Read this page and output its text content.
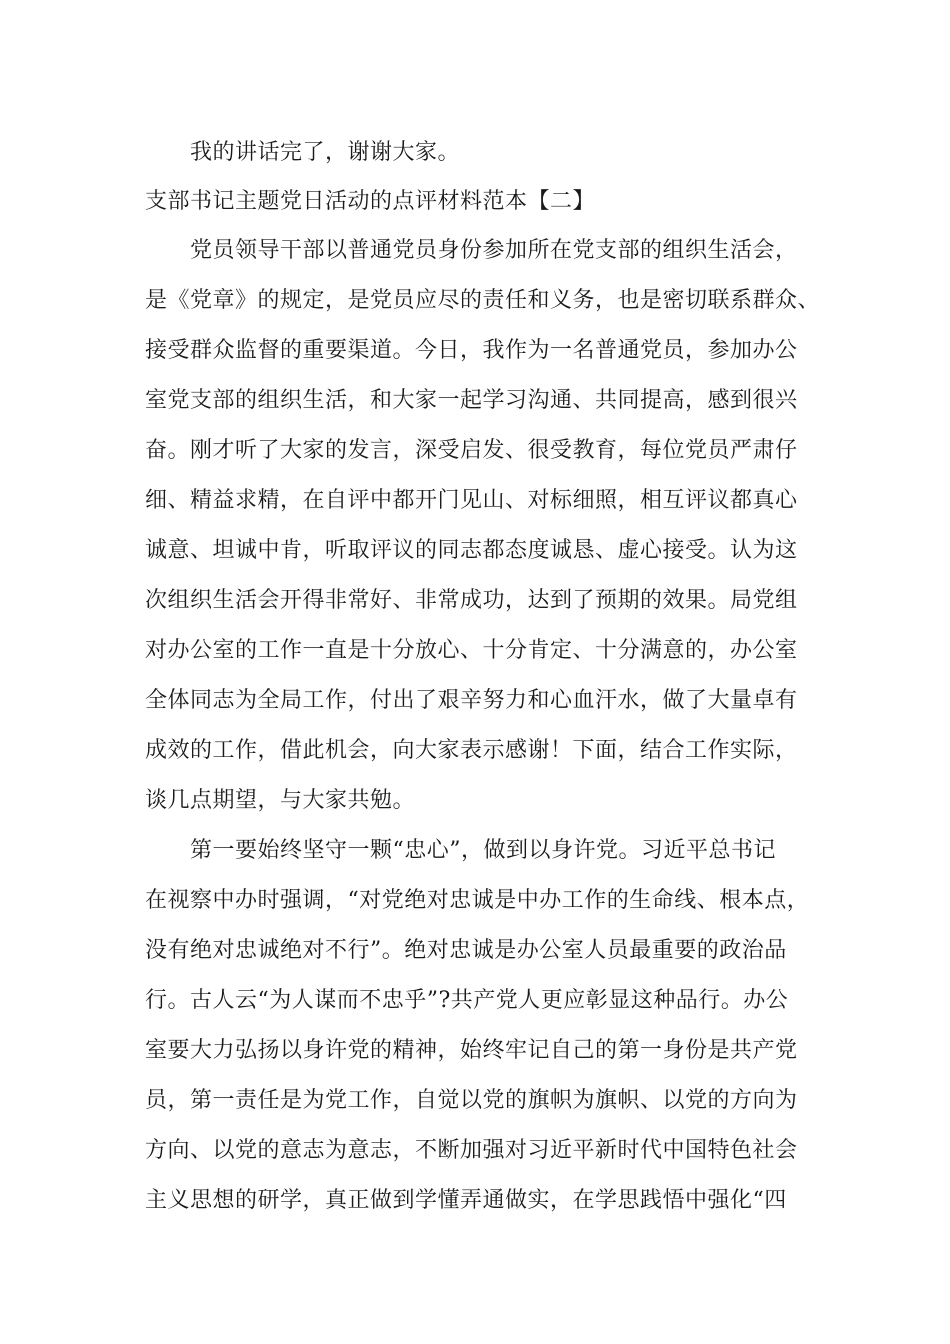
我的讲话完了，谢谢大家。
支部书记主题党日活动的点评材料范本【二】
党员领导干部以普通党员身份参加所在党支部的组织生活会，
是《党章》的规定，是党员应尽的责任和义务，也是密切联系群众、
接受群众监督的重要渠道。今日，我作为一名普通党员，参加办公
室党支部的组织生活，和大家一起学习沟通、共同提高，感到很兴
奋。刚才听了大家的发言，深受启发、很受教育，每位党员严肃仔
细、精益求精，在自评中都开门见山、对标细照，相互评议都真心
诚意、坦诚中肯，听取评议的同志都态度诚恳、虚心接受。认为这
次组织生活会开得非常好、非常成功，达到了预期的效果。局党组
对办公室的工作一直是十分放心、十分肯定、十分满意的，办公室
全体同志为全局工作，付出了艰辛努力和心血汗水，做了大量卓有
成效的工作，借此机会，向大家表示感谢！下面，结合工作实际，
谈几点期望，与大家共勉。
第一要始终坚守一颗“忠心”，做到以身许党。习近平总书记
在视察中办时强调，“对党绝对忠诚是中办工作的生命线、根本点，
没有绝对忠诚绝对不行”。绝对忠诚是办公室人员最重要的政治品
行。古人云“为人谋而不忠乎”?共产党人更应彰显这种品行。办公
室要大力弘扬以身许党的精神，始终牢记自己的第一身份是共产党
员，第一责任是为党工作，自觉以党的旗帜为旗帜、以党的方向为
方向、以党的意志为意志，不断加强对习近平新时代中国特色社会
主义思想的研学，真正做到学懂弄通做实，在学思践悟中强化“四
